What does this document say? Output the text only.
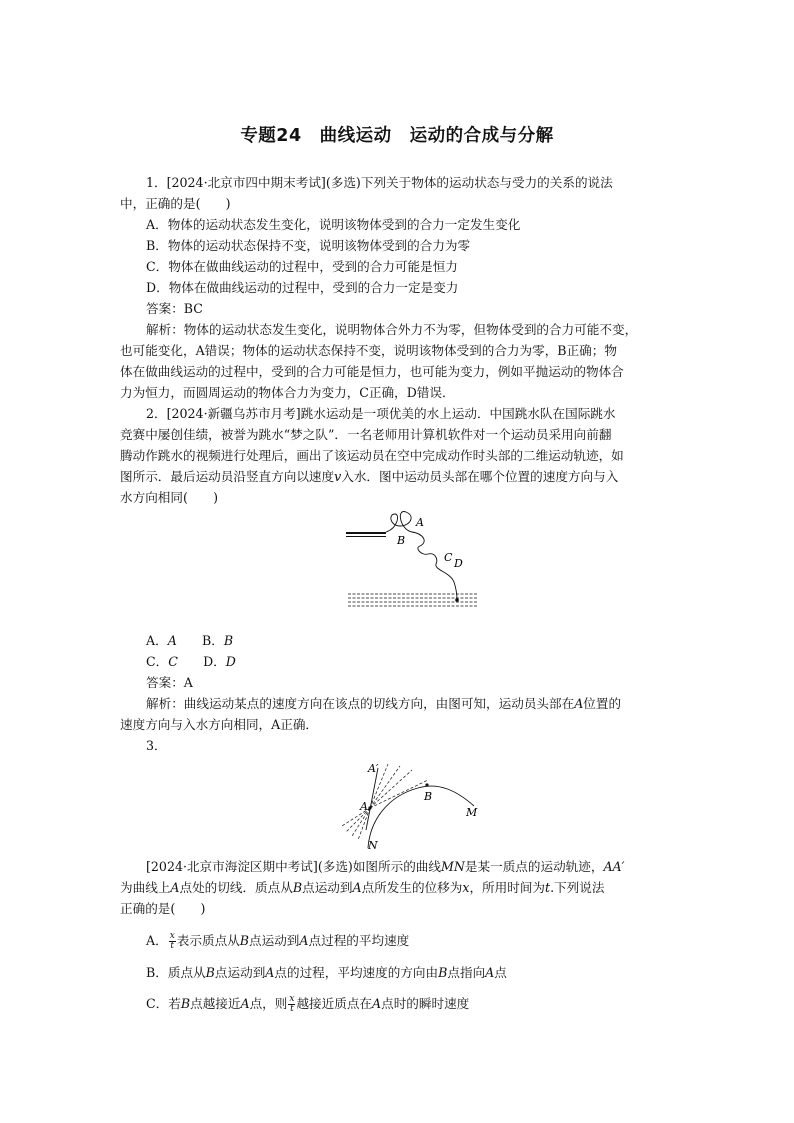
专题24　曲线运动　运动的合成与分解
1．[2024·北京市四中期末考试](多选)下列关于物体的运动状态与受力的关系的说法
中，正确的是(　　)
A．物体的运动状态发生变化，说明该物体受到的合力一定发生变化
B．物体的运动状态保持不变，说明该物体受到的合力为零
C．物体在做曲线运动的过程中，受到的合力可能是恒力
D．物体在做曲线运动的过程中，受到的合力一定是变力
答案：BC
解析：物体的运动状态发生变化，说明物体合外力不为零，但物体受到的合力可能不变，
也可能变化，A错误；物体的运动状态保持不变，说明该物体受到的合力为零，B正确；物
体在做曲线运动的过程中，受到的合力可能是恒力，也可能为变力，例如平抛运动的物体合
力为恒力，而圆周运动的物体合力为变力，C正确，D错误．
2．[2024·新疆乌苏市月考]跳水运动是一项优美的水上运动．中国跳水队在国际跳水
竞赛中屡创佳绩，被誉为跳水“梦之队”．一名老师用计算机软件对一个运动员采用向前翻
腾动作跳水的视频进行处理后，画出了该运动员在空中完成动作时头部的二维运动轨迹，如
图所示．最后运动员沿竖直方向以速度v入水．图中运动员头部在哪个位置的速度方向与入
水方向相同(　　)
A
B
C D
A．A　　 B．B
C．C　　 D．D
答案：A
解析：曲线运动某点的速度方向在该点的切线方向，由图可知，运动员头部在A位置的
速度方向与入水方向相同，A正确．
3．
A′
A
B
M
N
[2024·北京市海淀区期中考试](多选)如图所示的曲线MN是某一质点的运动轨迹，AA′
为曲线上A点处的切线．质点从B点运动到A点所发生的位移为x，所用时间为t.下列说法
正确的是(　　)
A． $\frac{x}{t}$ 表示质点从B点运动到A点过程的平均速度
B．质点从B点运动到A点的过程，平均速度的方向由B点指向A点
C．若B点越接近A点，则 $\frac{x}{t}$ 越接近质点在A点时的瞬时速度
